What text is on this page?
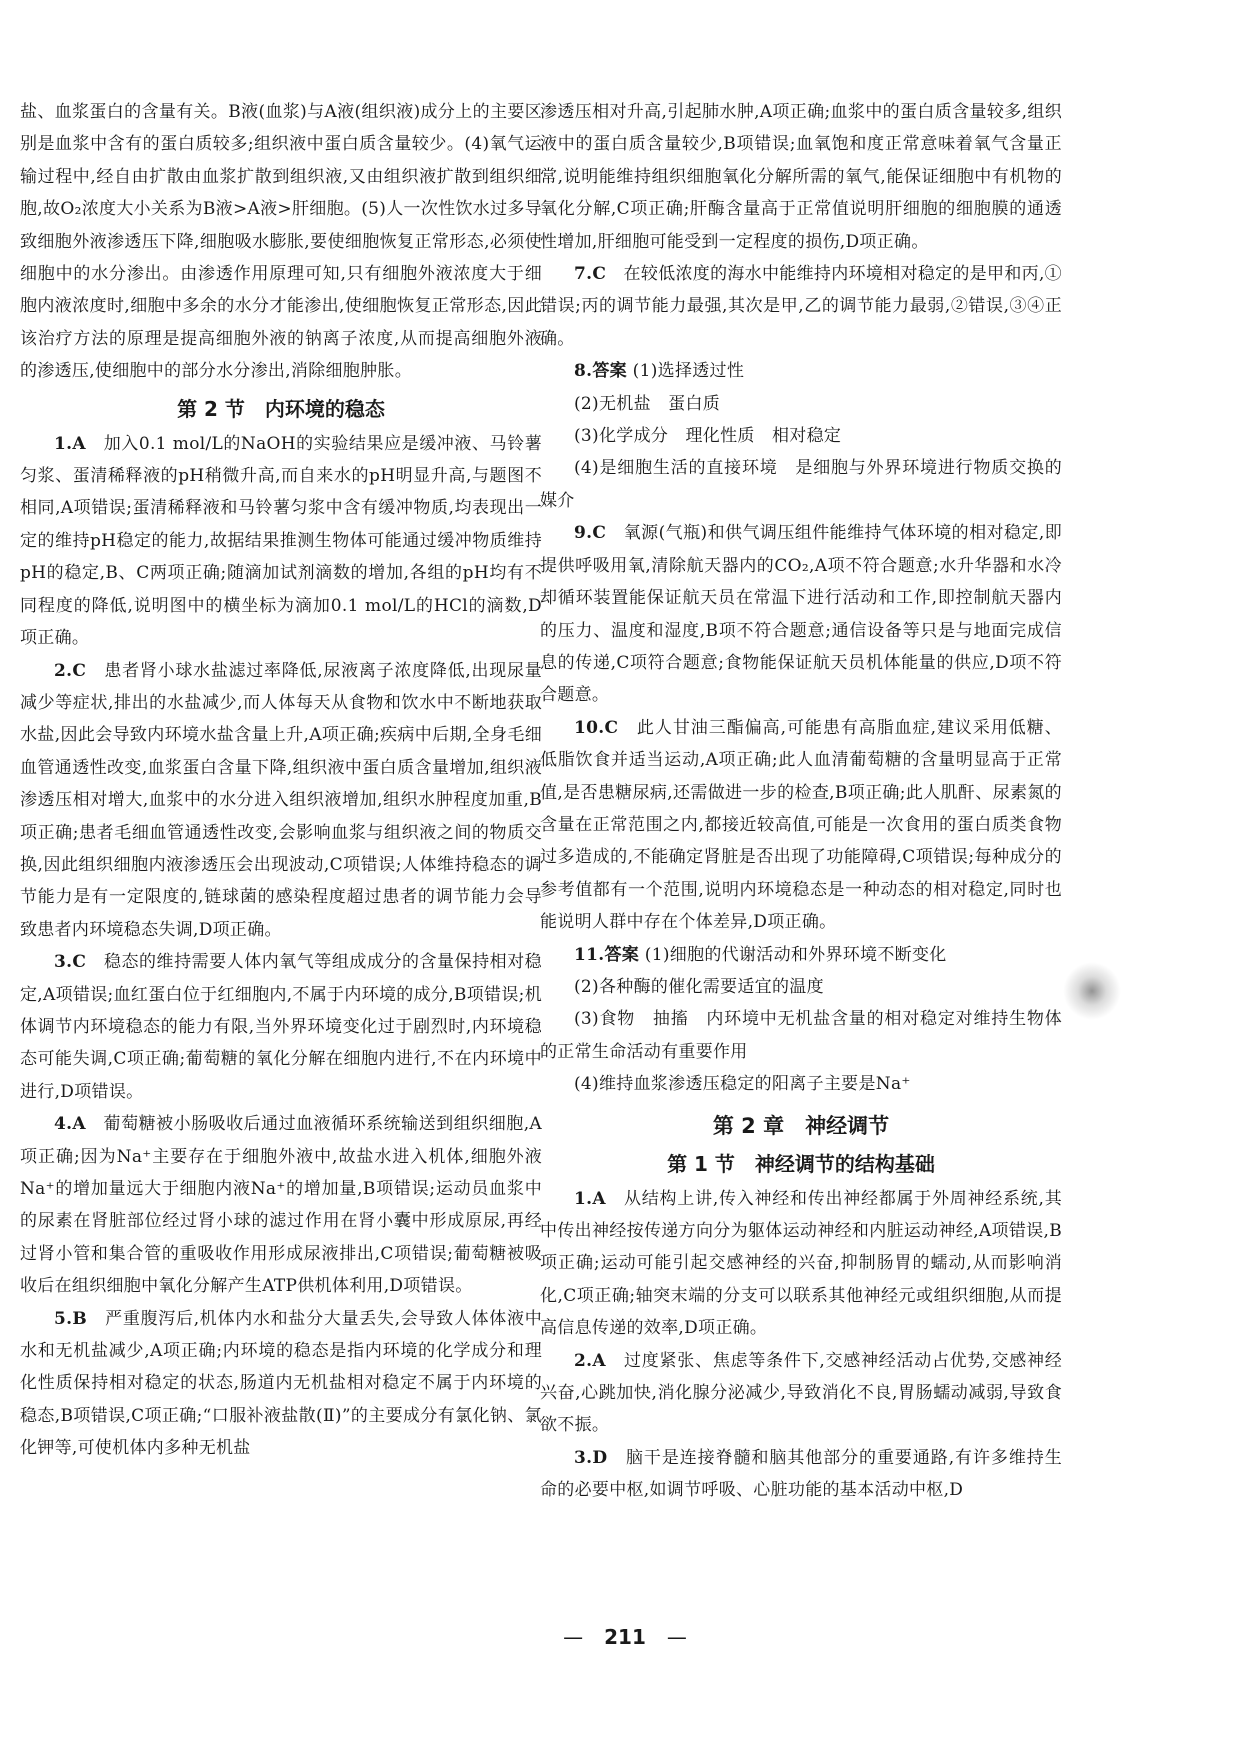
盐、血浆蛋白的含量有关。B液(血浆)与A液(组织液)成分上的主要区别是血浆中含有的蛋白质较多;组织液中蛋白质含量较少。(4)氧气运输过程中,经自由扩散由血浆扩散到组织液,又由组织液扩散到组织细胞,故O₂浓度大小关系为B液>A液>肝细胞。(5)人一次性饮水过多导致细胞外液渗透压下降,细胞吸水膨胀,要使细胞恢复正常形态,必须使细胞中的水分渗出。由渗透作用原理可知,只有细胞外液浓度大于细胞内液浓度时,细胞中多余的水分才能渗出,使细胞恢复正常形态,因此该治疗方法的原理是提高细胞外液的钠离子浓度,从而提高细胞外液的渗透压,使细胞中的部分水分渗出,消除细胞肿胀。

第 2 节　内环境的稳态

1.A　加入0.1 mol/L的NaOH的实验结果应是缓冲液、马铃薯匀浆、蛋清稀释液的pH稍微升高,而自来水的pH明显升高,与题图不相同,A项错误;蛋清稀释液和马铃薯匀浆中含有缓冲物质,均表现出一定的维持pH稳定的能力,故据结果推测生物体可能通过缓冲物质维持pH的稳定,B、C两项正确;随滴加试剂滴数的增加,各组的pH均有不同程度的降低,说明图中的横坐标为滴加0.1 mol/L的HCl的滴数,D项正确。

2.C　患者肾小球水盐滤过率降低,尿液离子浓度降低,出现尿量减少等症状,排出的水盐减少,而人体每天从食物和饮水中不断地获取水盐,因此会导致内环境水盐含量上升,A项正确;疾病中后期,全身毛细血管通透性改变,血浆蛋白含量下降,组织液中蛋白质含量增加,组织液渗透压相对增大,血浆中的水分进入组织液增加,组织水肿程度加重,B项正确;患者毛细血管通透性改变,会影响血浆与组织液之间的物质交换,因此组织细胞内液渗透压会出现波动,C项错误;人体维持稳态的调节能力是有一定限度的,链球菌的感染程度超过患者的调节能力会导致患者内环境稳态失调,D项正确。

3.C　稳态的维持需要人体内氧气等组成成分的含量保持相对稳定,A项错误;血红蛋白位于红细胞内,不属于内环境的成分,B项错误;机体调节内环境稳态的能力有限,当外界环境变化过于剧烈时,内环境稳态可能失调,C项正确;葡萄糖的氧化分解在细胞内进行,不在内环境中进行,D项错误。

4.A　葡萄糖被小肠吸收后通过血液循环系统输送到组织细胞,A项正确;因为Na⁺主要存在于细胞外液中,故盐水进入机体,细胞外液Na⁺的增加量远大于细胞内液Na⁺的增加量,B项错误;运动员血浆中的尿素在肾脏部位经过肾小球的滤过作用在肾小囊中形成原尿,再经过肾小管和集合管的重吸收作用形成尿液排出,C项错误;葡萄糖被吸收后在组织细胞中氧化分解产生ATP供机体利用,D项错误。

5.B　严重腹泻后,机体内水和盐分大量丢失,会导致人体体液中水和无机盐减少,A项正确;内环境的稳态是指内环境的化学成分和理化性质保持相对稳定的状态,肠道内无机盐相对稳定不属于内环境的稳态,B项错误,C项正确;“口服补液盐散(Ⅱ)”的主要成分有氯化钠、氯化钾等,可使机体内多种无机盐

渗透压相对升高,引起肺水肿,A项正确;血浆中的蛋白质含量较多,组织液中的蛋白质含量较少,B项错误;血氧饱和度正常意味着氧气含量正常,说明能维持组织细胞氧化分解所需的氧气,能保证细胞中有机物的氧化分解,C项正确;肝酶含量高于正常值说明肝细胞的细胞膜的通透性增加,肝细胞可能受到一定程度的损伤,D项正确。

7.C　在较低浓度的海水中能维持内环境相对稳定的是甲和丙,①错误;丙的调节能力最强,其次是甲,乙的调节能力最弱,②错误,③④正确。

8.答案 (1)选择透过性

(2)无机盐　蛋白质

(3)化学成分　理化性质　相对稳定

(4)是细胞生活的直接环境　是细胞与外界环境进行物质交换的媒介

9.C　氧源(气瓶)和供气调压组件能维持气体环境的相对稳定,即提供呼吸用氧,清除航天器内的CO₂,A项不符合题意;水升华器和水冷却循环装置能保证航天员在常温下进行活动和工作,即控制航天器内的压力、温度和湿度,B项不符合题意;通信设备等只是与地面完成信息的传递,C项符合题意;食物能保证航天员机体能量的供应,D项不符合题意。

10.C　此人甘油三酯偏高,可能患有高脂血症,建议采用低糖、低脂饮食并适当运动,A项正确;此人血清葡萄糖的含量明显高于正常值,是否患糖尿病,还需做进一步的检查,B项正确;此人肌酐、尿素氮的含量在正常范围之内,都接近较高值,可能是一次食用的蛋白质类食物过多造成的,不能确定肾脏是否出现了功能障碍,C项错误;每种成分的参考值都有一个范围,说明内环境稳态是一种动态的相对稳定,同时也能说明人群中存在个体差异,D项正确。

11.答案 (1)细胞的代谢活动和外界环境不断变化

(2)各种酶的催化需要适宜的温度

(3)食物　抽搐　内环境中无机盐含量的相对稳定对维持生物体的正常生命活动有重要作用

(4)维持血浆渗透压稳定的阳离子主要是Na⁺

第 2 章　神经调节
第 1 节　神经调节的结构基础

1.A　从结构上讲,传入神经和传出神经都属于外周神经系统,其中传出神经按传递方向分为躯体运动神经和内脏运动神经,A项错误,B项正确;运动可能引起交感神经的兴奋,抑制肠胃的蠕动,从而影响消化,C项正确;轴突末端的分支可以联系其他神经元或组织细胞,从而提高信息传递的效率,D项正确。

2.A　过度紧张、焦虑等条件下,交感神经活动占优势,交感神经兴奋,心跳加快,消化腺分泌减少,导致消化不良,胃肠蠕动减弱,导致食欲不振。

3.D　脑干是连接脊髓和脑其他部分的重要通路,有许多维持生命的必要中枢,如调节呼吸、心脏功能的基本活动中枢,D

— 211 —
